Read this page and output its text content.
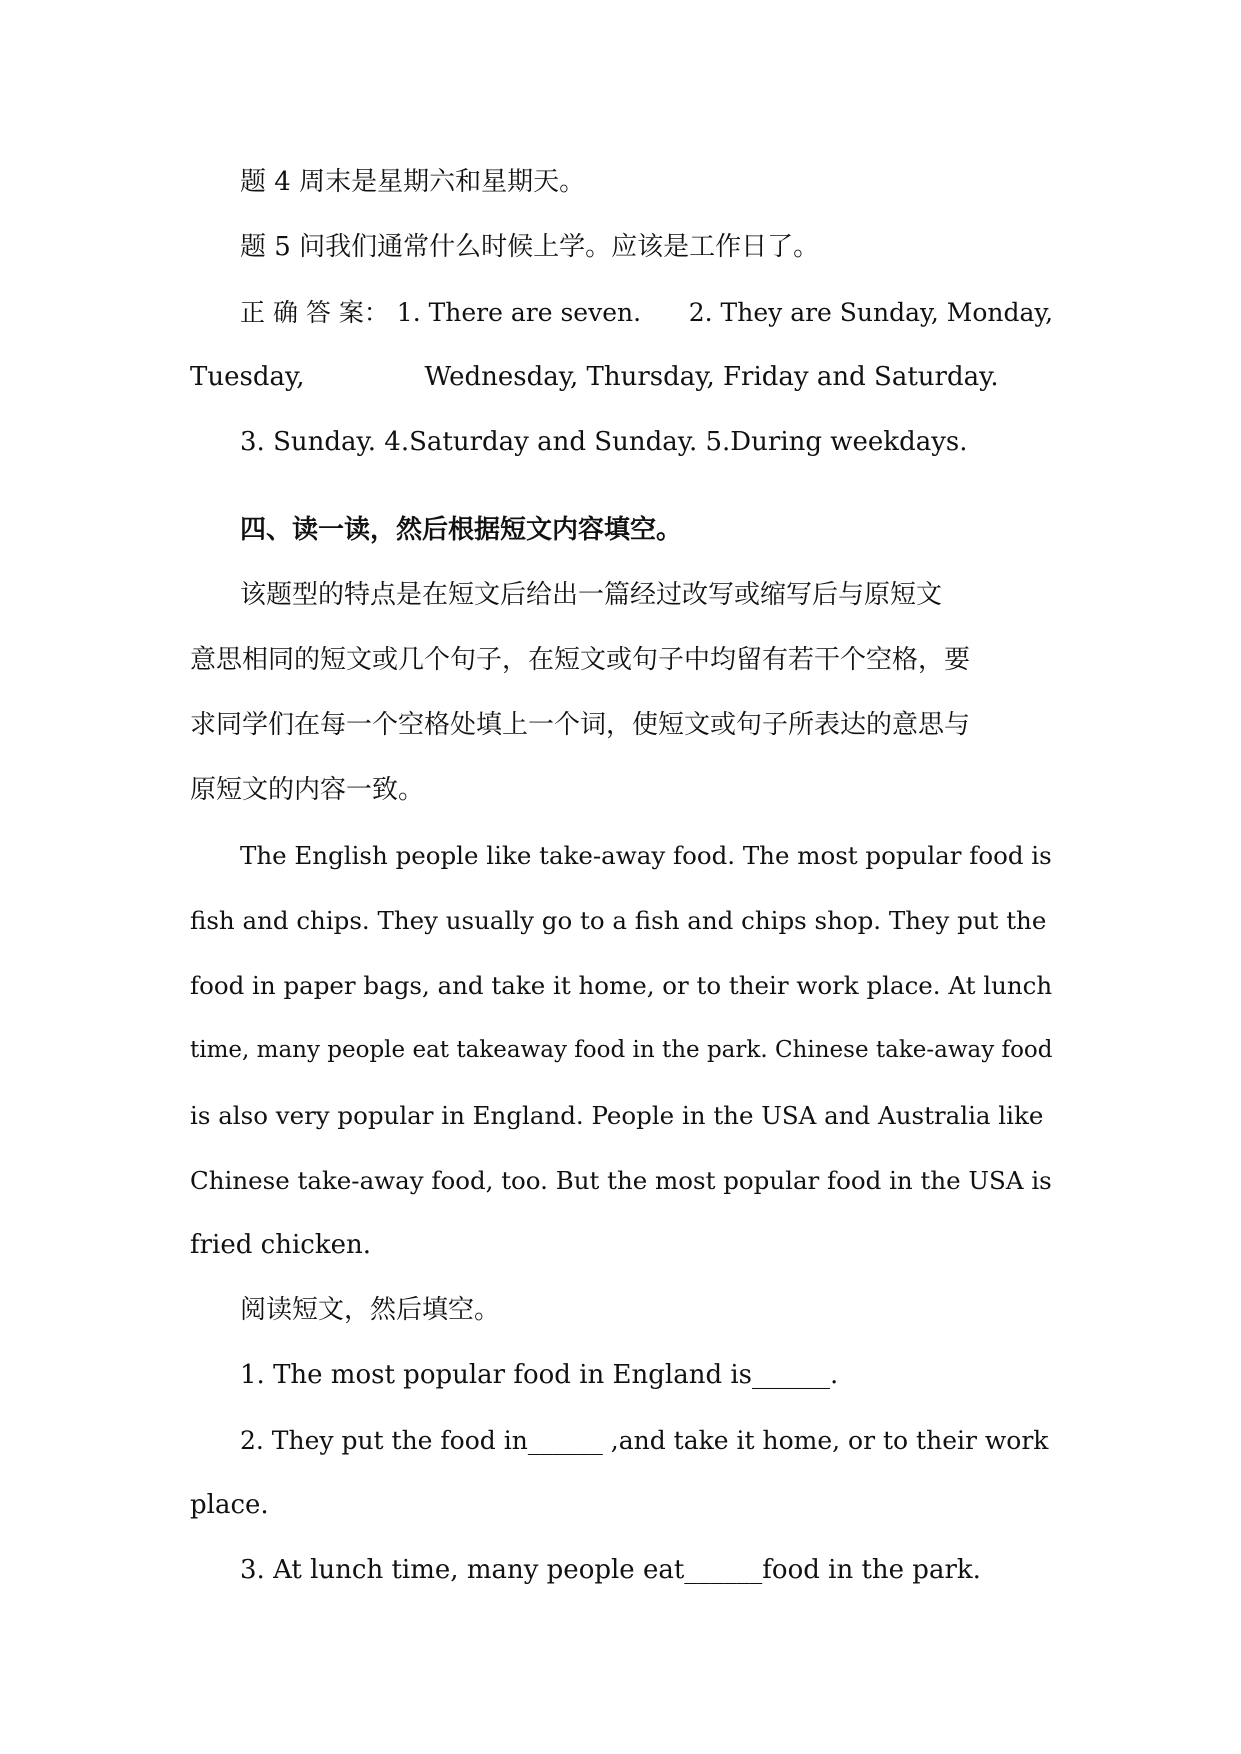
题 4 周末是星期六和星期天。
题 5 问我们通常什么时候上学。应该是工作日了。
正 确 答 案： 1. There are seven. 2. They are Sunday, Monday,
Tuesday,	Wednesday, Thursday, Friday and Saturday.
3. Sunday. 4.Saturday and Sunday. 5.During weekdays.
四、读一读，然后根据短文内容填空。
该题型的特点是在短文后给出一篇经过改写或缩写后与原短文
意思相同的短文或几个句子，在短文或句子中均留有若干个空格，要
求同学们在每一个空格处填上一个词，使短文或句子所表达的意思与
原短文的内容一致。
The English people like take-away food. The most popular food is
fish and chips. They usually go to a fish and chips shop. They put the
food in paper bags, and take it home, or to their work place. At lunch
time, many people eat takeaway food in the park. Chinese take-away food
is also very popular in England. People in the USA and Australia like
Chinese take-away food, too. But the most popular food in the USA is
fried chicken.
阅读短文，然后填空。
1. The most popular food in England is______.
2. They put the food in______ ,and take it home, or to their work
place.
3. At lunch time, many people eat______food in the park.
